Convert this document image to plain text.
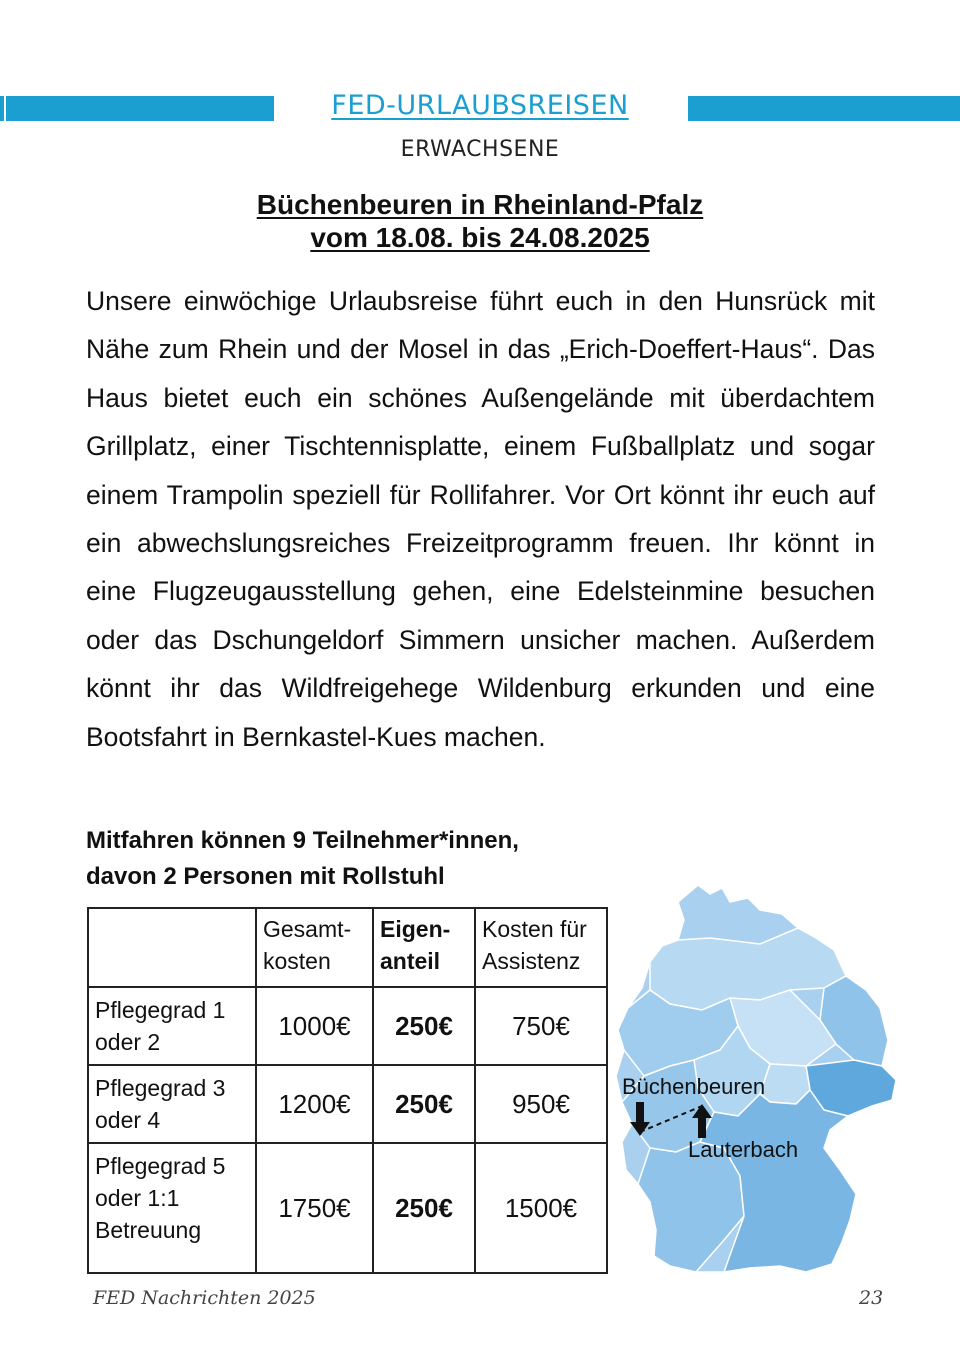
FED-URLAUBSREISEN
ERWACHSENE
Büchenbeuren in Rheinland-Pfalz
vom 18.08. bis 24.08.2025
Unsere einwöchige Urlaubsreise führt euch in den Hunsrück mit Nähe zum Rhein und der Mosel in das „Erich-Doeffert-Haus“. Das Haus bietet euch ein schönes Außengelände mit überdachtem Grillplatz, einer Tischtennisplatte, einem Fußballplatz und sogar einem Trampolin speziell für Rollifahrer. Vor Ort könnt ihr euch auf ein abwechslungsreiches Freizeitprogramm freuen. Ihr könnt in eine Flugzeugausstellung gehen, eine Edelsteinmine besuchen oder das Dschungeldorf Simmern unsicher machen. Außerdem könnt ihr das Wildfreigehege Wildenburg erkunden und eine Bootsfahrt in Bernkastel-Kues machen.
Mitfahren können 9 Teilnehmer*innen,
davon 2 Personen mit Rollstuhl
	Gesamt-kosten	Eigen-anteil	Kosten für Assistenz
Pflegegrad 1 oder 2	1000€	250€	750€
Pflegegrad 3 oder 4	1200€	250€	950€
Pflegegrad 5 oder 1:1 Betreuung	1750€	250€	1500€
Büchenbeuren
Lauterbach
FED Nachrichten 2025	23
